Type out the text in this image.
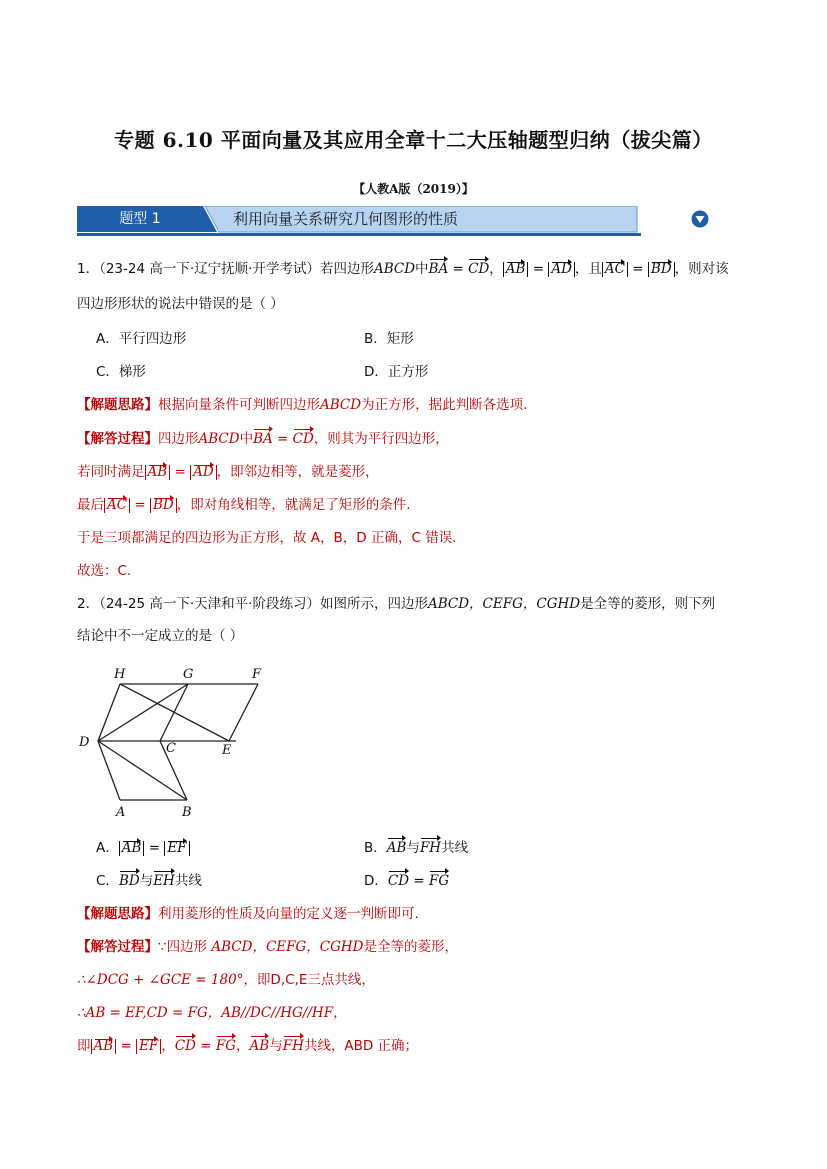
专题 6.10 平面向量及其应用全章十二大压轴题型归纳（拔尖篇）
【人教A版（2019）】
题型 1	利用向量关系研究几何图形的性质
1．（23-24 高一下·辽宁抚顺·开学考试）若四边形ABCD中BA = CD， AB = AD ，且 AC = BD ，则对该
四边形形状的说法中错误的是（ ）
A．平行四边形	B．矩形
C．梯形	D．正方形
【解题思路】根据向量条件可判断四边形ABCD为正方形，据此判断各选项.
【解答过程】四边形ABCD中BA = CD，则其为平行四边形，
若同时满足 AB = AD ，即邻边相等，就是菱形，
最后 AC = BD ，即对角线相等，就满足了矩形的条件.
于是三项都满足的四边形为正方形，故 A，B，D 正确，C 错误.
故选：C.
2．（24-25 高一下·天津和平·阶段练习）如图所示，四边形ABCD，CEFG，CGHD是全等的菱形，则下列
结论中不一定成立的是（ ）
H	G	F
D	C	E
A	B
A． AB = EF	B．AB与FH共线
C．BD与EH共线	D．CD = FG
【解题思路】利用菱形的性质及向量的定义逐一判断即可.
【解答过程】∵四边形 ABCD，CEFG，CGHD是全等的菱形，
∴∠DCG + ∠GCE = 180°，即D,C,E三点共线，
∴AB = EF,CD = FG，AB//DC//HG//HF，
即 AB = EF ，CD = FG，AB与FH共线，ABD 正确；
